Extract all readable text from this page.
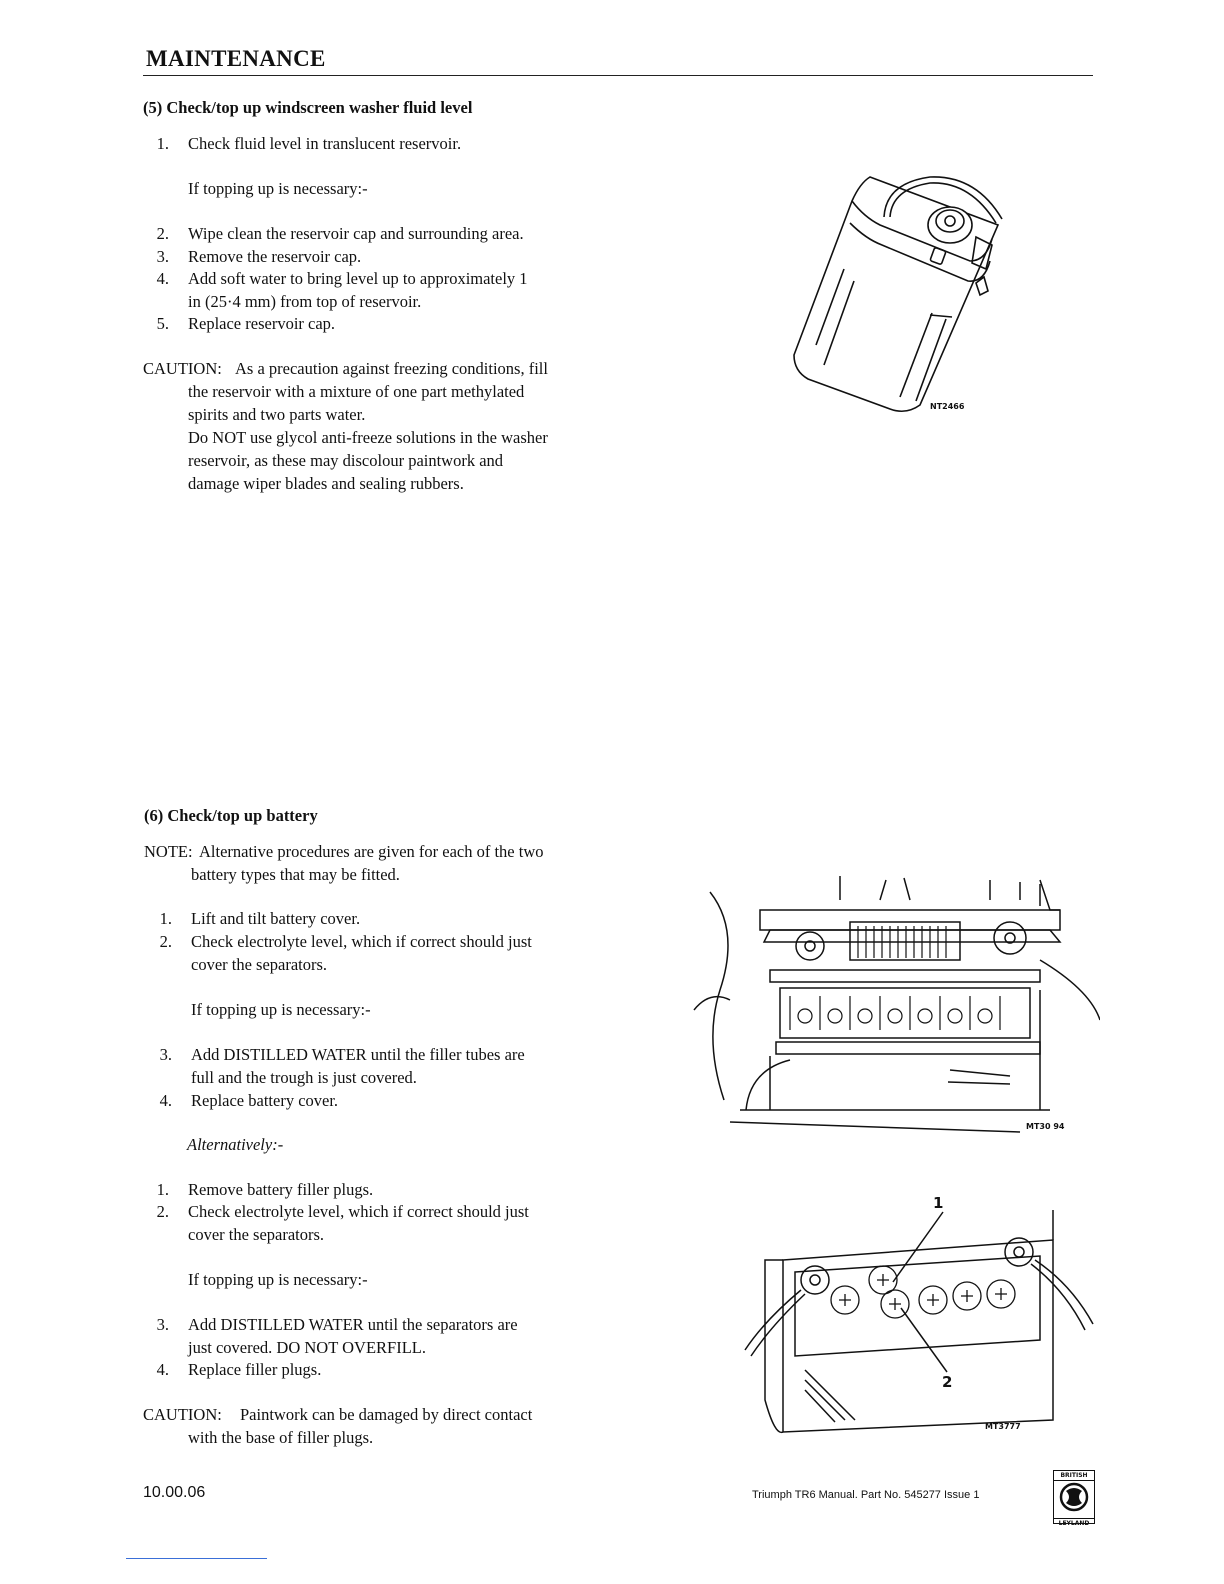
MAINTENANCE
(5) Check/top up windscreen washer fluid level
1. Check fluid level in translucent reservoir.
If topping up is necessary:-
2. Wipe clean the reservoir cap and surrounding area.
3. Remove the reservoir cap.
4. Add soft water to bring level up to approximately 1
in (25·4 mm) from top of reservoir.
5. Replace reservoir cap.
CAUTION: As a precaution against freezing conditions, fill
the reservoir with a mixture of one part methylated
spirits and two parts water.
Do NOT use glycol anti-freeze solutions in the washer
reservoir, as these may discolour paintwork and
damage wiper blades and sealing rubbers.
NT2466
(6) Check/top up battery
NOTE: Alternative procedures are given for each of the two
battery types that may be fitted.
1. Lift and tilt battery cover.
2. Check electrolyte level, which if correct should just
cover the separators.
If topping up is necessary:-
3. Add DISTILLED WATER until the filler tubes are
full and the trough is just covered.
4. Replace battery cover.
Alternatively:-
1. Remove battery filler plugs.
2. Check electrolyte level, which if correct should just
cover the separators.
If topping up is necessary:-
3. Add DISTILLED WATER until the separators are
just covered. DO NOT OVERFILL.
4. Replace filler plugs.
CAUTION: Paintwork can be damaged by direct contact
with the base of filler plugs.
MT30 94
1
2
MT3777
10.00.06	Triumph TR6 Manual. Part No. 545277 Issue 1
BRITISH
LEYLAND
